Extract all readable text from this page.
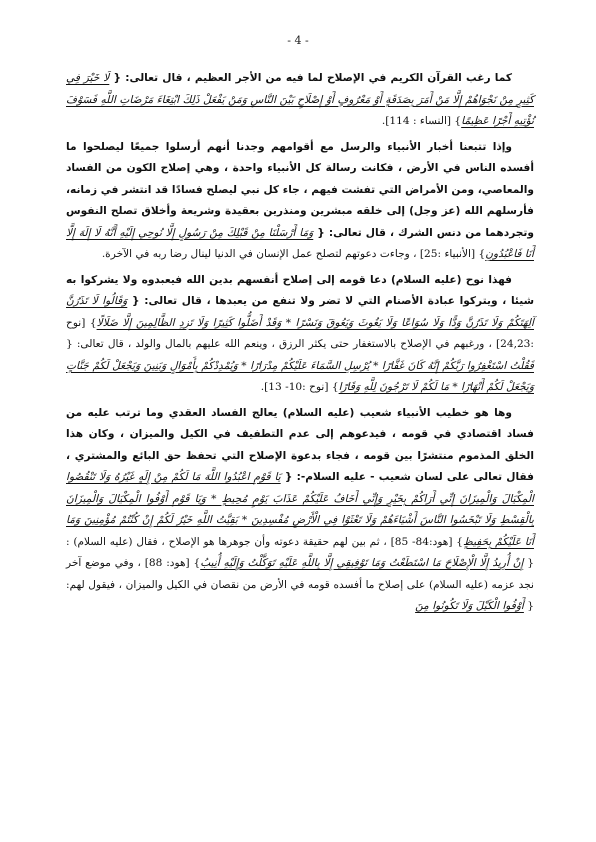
- 4 -

كما رغب القرآن الكريم في الإصلاح لما فيه من الأجر العظيم ، قال تعالى: { لَا خَيْرَ فِي كَثِيرٍ مِنْ نَجْوَاهُمْ إِلَّا مَنْ أَمَرَ بِصَدَقَةٍ أَوْ مَعْرُوفٍ أَوْ إِصْلَاحٍ بَيْنَ النَّاسِ وَمَنْ يَفْعَلْ ذَلِكَ ابْتِغَاءَ مَرْضَاتِ اللَّهِ فَسَوْفَ نُؤْتِيهِ أَجْرًا عَظِيمًا} [النساء : 114].

وإذا تتبعنا أخبار الأنبياء والرسل مع أقوامهم وجدنا أنهم أرسلوا جميعًا ليصلحوا ما أفسده الناس في الأرض ، فكانت رسالة كل الأنبياء واحدة ، وهي إصلاح الكون من الفساد والمعاصي، ومن الأمراض التي تفشت فيهم ، جاء كل نبي ليصلح فسادًا قد انتشر في زمانه، فأرسلهم الله (عز وجل) إلى خلقه مبشرين ومنذرين بعقيدة وشريعة وأخلاق تصلح النفوس وتجردهما من دنس الشرك ، قال تعالى: { وَمَا أَرْسَلْنَا مِنْ قَبْلِكَ مِنْ رَسُولٍ إِلَّا نُوحِي إِلَيْهِ أَنَّهُ لَا إِلَهَ إِلَّا أَنَا فَاعْبُدُونِ} [الأنبياء :25] ، وجاءت دعوتهم لتصلح عمل الإنسان في الدنيا لينال رضا ربه في الآخرة.

فهذا نوح (عليه السلام) دعا قومه إلى إصلاح أنفسهم بدين الله فيعبدوه ولا يشركوا به شيئا ، ويتركوا عبادة الأصنام التي لا تضر ولا تنفع من يعبدها ، قال تعالى: { وَقَالُوا لَا تَذَرُنَّ آلِهَتَكُمْ وَلَا تَذَرُنَّ وَدًّا وَلَا سُوَاعًا وَلَا يَغُوثَ وَيَعُوقَ وَنَسْرًا * وَقَدْ أَضَلُّوا كَثِيرًا وَلَا تَزِدِ الظَّالِمِينَ إِلَّا ضَلَالًا} [نوح :24,23] ، ورغبهم في الإصلاح بالاستغفار حتى يكثر الرزق ، وينعم الله عليهم بالمال والولد ، قال تعالى: { فَقُلْتُ اسْتَغْفِرُوا رَبَّكُمْ إِنَّهُ كَانَ غَفَّارًا * يُرْسِلِ السَّمَاءَ عَلَيْكُمْ مِدْرَارًا * وَيُمْدِدْكُمْ بِأَمْوَالٍ وَبَنِينَ وَيَجْعَلْ لَكُمْ جَنَّاتٍ وَيَجْعَلْ لَكُمْ أَنْهَارًا * مَا لَكُمْ لَا تَرْجُونَ لِلَّهِ وَقَارًا} [نوح :10- 13].

وها هو خطيب الأنبياء شعيب (عليه السلام) يعالج الفساد العقدي وما ترتب عليه من فساد اقتصادي في قومه ، فيدعوهم إلى عدم التطفيف في الكيل والميزان ، وكان هذا الخلق المذموم منتشرًا بين قومه ، فجاء بدعوة الإصلاح التي تحفظ حق البائع والمشتري ، فقال تعالى على لسان شعيب - عليه السلام-: { يَا قَوْمِ اعْبُدُوا اللَّهَ مَا لَكُمْ مِنْ إِلَهٍ غَيْرُهُ وَلَا تَنْقُصُوا الْمِكْيَالَ وَالْمِيزَانَ إِنِّي أَرَاكُمْ بِخَيْرٍ وَإِنِّي أَخَافُ عَلَيْكُمْ عَذَابَ يَوْمٍ مُحِيطٍ * وَيَا قَوْمِ أَوْفُوا الْمِكْيَالَ وَالْمِيزَانَ بِالْقِسْطِ وَلَا تَبْخَسُوا النَّاسَ أَشْيَاءَهُمْ وَلَا تَعْثَوْا فِي الْأَرْضِ مُفْسِدِينَ * بَقِيَّتُ اللَّهِ خَيْرٌ لَكُمْ إِنْ كُنْتُمْ مُؤْمِنِينَ وَمَا أَنَا عَلَيْكُمْ بِحَفِيظٍ} [هود:84- 85] ، ثم بين لهم حقيقة دعوته وأن جوهرها هو الإصلاح ، فقال (عليه السلام) : { إِنْ أُرِيدُ إِلَّا الْإِصْلَاحَ مَا اسْتَطَعْتُ وَمَا تَوْفِيقِي إِلَّا بِاللَّهِ عَلَيْهِ تَوَكَّلْتُ وَإِلَيْهِ أُنِيبُ} [هود: 88] ، وفي موضع آخر نجد عزمه (عليه السلام) على إصلاح ما أفسده قومه في الأرض من نقصان في الكيل والميزان ، فيقول لهم: { أَوْفُوا الْكَيْلَ وَلَا تَكُونُوا مِنَ
